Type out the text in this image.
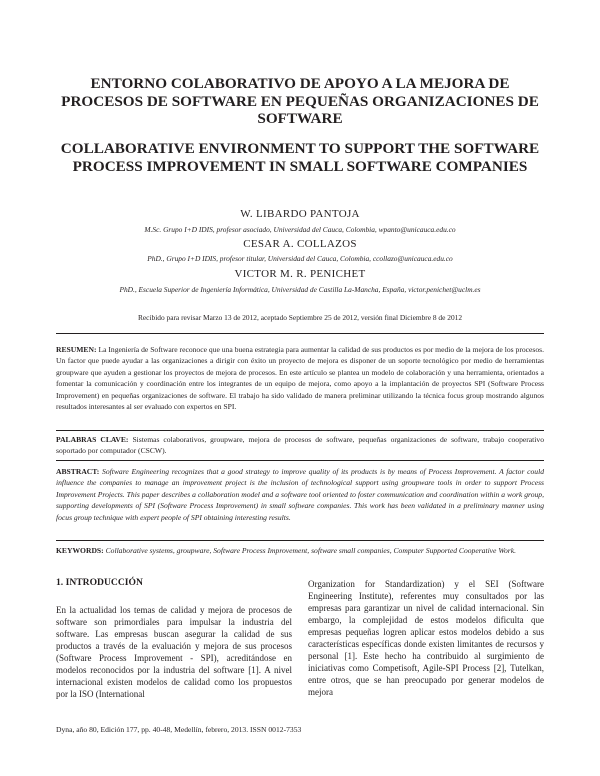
ENTORNO COLABORATIVO DE APOYO A LA MEJORA DE PROCESOS DE SOFTWARE EN PEQUEÑAS ORGANIZACIONES DE SOFTWARE
COLLABORATIVE ENVIRONMENT TO SUPPORT THE SOFTWARE PROCESS IMPROVEMENT IN SMALL SOFTWARE COMPANIES
W. LIBARDO PANTOJA
M.Sc. Grupo I+D IDIS, profesor asociado, Universidad del Cauca, Colombia, wpanto@unicauca.edu.co
CESAR A. COLLAZOS
PhD., Grupo I+D IDIS, profesor titular, Universidad del Cauca, Colombia, ccollazo@unicauca.edu.co
VICTOR M. R. PENICHET
PhD., Escuela Superior de Ingeniería Informática, Universidad de Castilla La-Mancha, España, victor.penichet@uclm.es
Recibido para revisar Marzo 13 de 2012, aceptado Septiembre 25 de 2012, versión final Diciembre 8 de 2012

RESUMEN: La Ingeniería de Software reconoce que una buena estrategia para aumentar la calidad de sus productos es por medio de la mejora de los procesos. Un factor que puede ayudar a las organizaciones a dirigir con éxito un proyecto de mejora es disponer de un soporte tecnológico por medio de herramientas groupware que ayuden a gestionar los proyectos de mejora de procesos. En este artículo se plantea un modelo de colaboración y una herramienta, orientados a fomentar la comunicación y coordinación entre los integrantes de un equipo de mejora, como apoyo a la implantación de proyectos SPI (Software Process Improvement) en pequeñas organizaciones de software. El trabajo ha sido validado de manera preliminar utilizando la técnica focus group mostrando algunos resultados interesantes al ser evaluado con expertos en SPI.

PALABRAS CLAVE: Sistemas colaborativos, groupware, mejora de procesos de software, pequeñas organizaciones de software, trabajo cooperativo soportado por computador (CSCW).

ABSTRACT: Software Engineering recognizes that a good strategy to improve quality of its products is by means of Process Improvement. A factor could influence the companies to manage an improvement project is the inclusion of technological support using groupware tools in order to support Process Improvement Projects. This paper describes a collaboration model and a software tool oriented to foster communication and coordination within a work group, supporting developments of SPI (Software Process Improvement) in small software companies. This work has been validated in a preliminary manner using focus group technique with expert people of SPI obtaining interesting results.

KEYWORDS: Collaborative systems, groupware, Software Process Improvement, software small companies, Computer Supported Cooperative Work.

1. INTRODUCCIÓN

En la actualidad los temas de calidad y mejora de procesos de software son primordiales para impulsar la industria del software. Las empresas buscan asegurar la calidad de sus productos a través de la evaluación y mejora de sus procesos (Software Process Improvement - SPI), acreditándose en modelos reconocidos por la industria del software [1]. A nivel internacional existen modelos de calidad como los propuestos por la ISO (International

Organization for Standardization) y el SEI (Software Engineering Institute), referentes muy consultados por las empresas para garantizar un nivel de calidad internacional. Sin embargo, la complejidad de estos modelos dificulta que empresas pequeñas logren aplicar estos modelos debido a sus características específicas donde existen limitantes de recursos y personal [1]. Este hecho ha contribuido al surgimiento de iniciativas como Competisoft, Agile-SPI Process [2], Tutelkan, entre otros, que se han preocupado por generar modelos de mejora

Dyna, año 80, Edición 177, pp. 40-48, Medellín, febrero, 2013. ISSN 0012-7353
